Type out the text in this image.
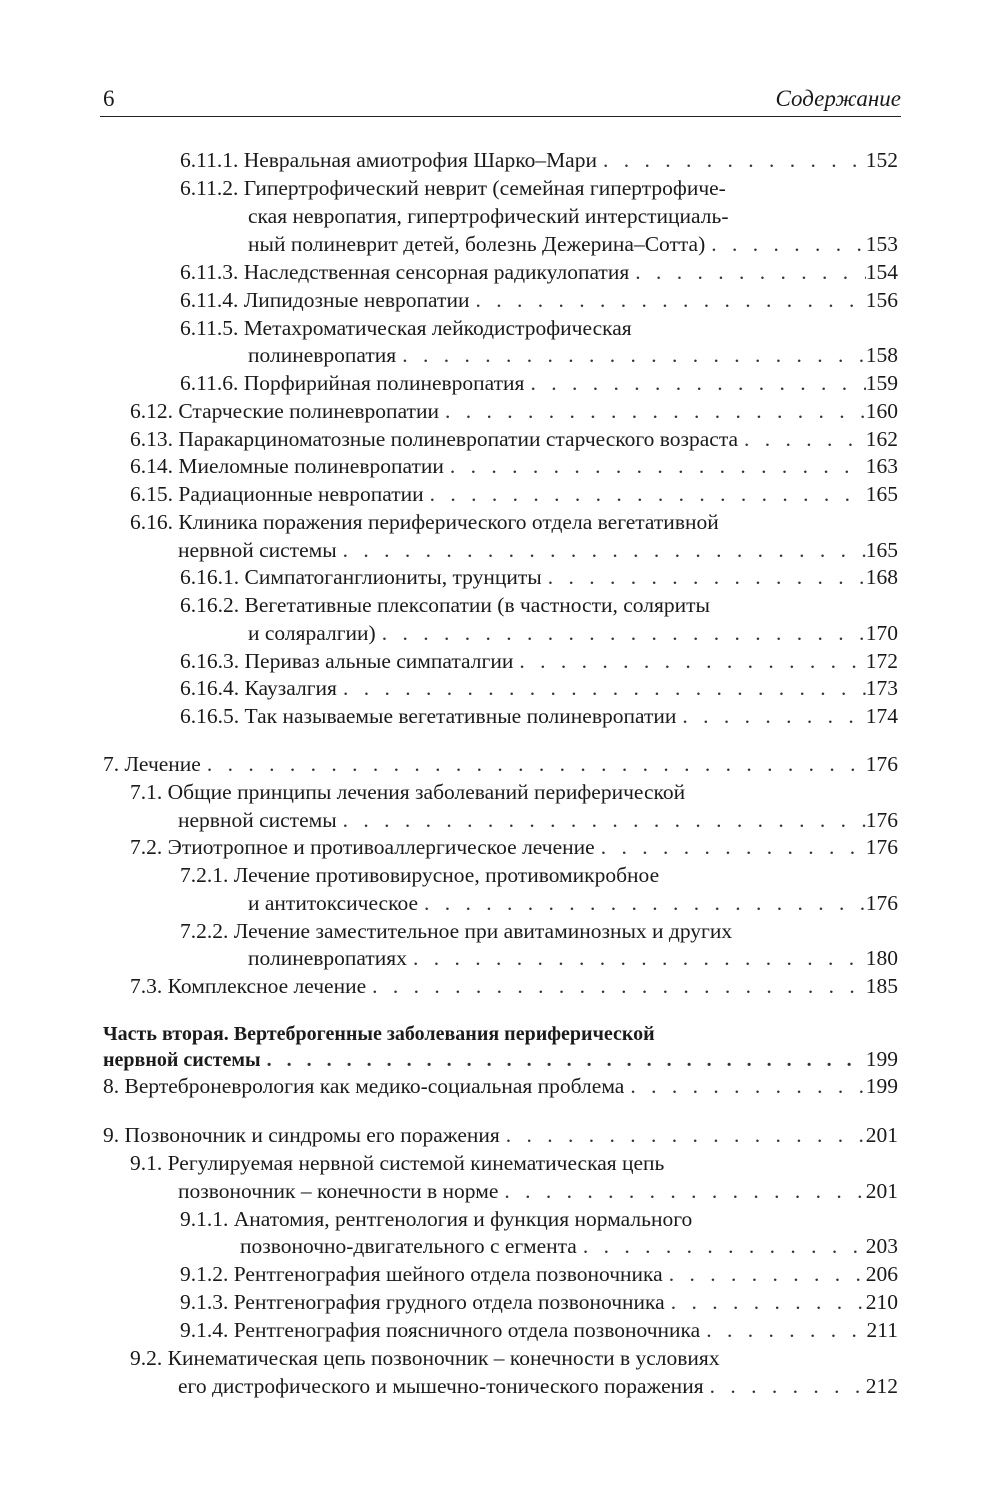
6	Содержание
6.11.1. Невральная амиотрофия Шарко–Мари . . .	152
6.11.2. Гипертрофический неврит (семейная гипертрофиче-
ская невропатия, гипертрофический интерстициаль-
ный полиневрит детей, болезнь Дежерина–Сотта) . . .	153
6.11.3. Наследственная сенсорная радикулопатия . . .	154
6.11.4. Липидозные невропатии . . .	156
6.11.5. Метахроматическая лейкодистрофическая
полиневропатия . . .	158
6.11.6. Порфирийная полиневропатия . . .	159
6.12. Старческие полиневропатии . . .	160
6.13. Паракарциноматозные полиневропатии старческого возраста . . .	162
6.14. Миеломные полиневропатии . . .	163
6.15. Радиационные невропатии . . .	165
6.16. Клиника поражения периферического отдела вегетативной
нервной системы . . .	165
6.16.1. Симпатоганглиониты, трунциты . . .	168
6.16.2. Вегетативные плексопатии (в частности, соляриты
и соляралгии) . . .	170
6.16.3. Периваз альные симпаталгии . . .	172
6.16.4. Каузалгия . . .	173
6.16.5. Так называемые вегетативные полиневропатии . . .	174
7. Лечение . . .	176
7.1. Общие принципы лечения заболеваний периферической
нервной системы . . .	176
7.2. Этиотропное и противоаллергическое лечение . . .	176
7.2.1. Лечение противовирусное, противомикробное
и антитоксическое . . .	176
7.2.2. Лечение заместительное при авитаминозных и других
полиневропатиях . . .	180
7.3. Комплексное лечение . . .	185
Часть вторая. Вертеброгенные заболевания периферической
нервной системы . . .	199
8. Вертеброневрология как медико-социальная проблема . . .	199
9. Позвоночник и синдромы его поражения . . .	201
9.1. Регулируемая нервной системой кинематическая цепь
позвоночник – конечности в норме . . .	201
9.1.1. Анатомия, рентгенология и функция нормального
позвоночно-двигательного с егмента . . .	203
9.1.2. Рентгенография шейного отдела позвоночника . . .	206
9.1.3. Рентгенография грудного отдела позвоночника . . .	210
9.1.4. Рентгенография поясничного отдела позвоночника . . .	211
9.2. Кинематическая цепь позвоночник – конечности в условиях
его дистрофического и мышечно-тонического поражения . . .	212
